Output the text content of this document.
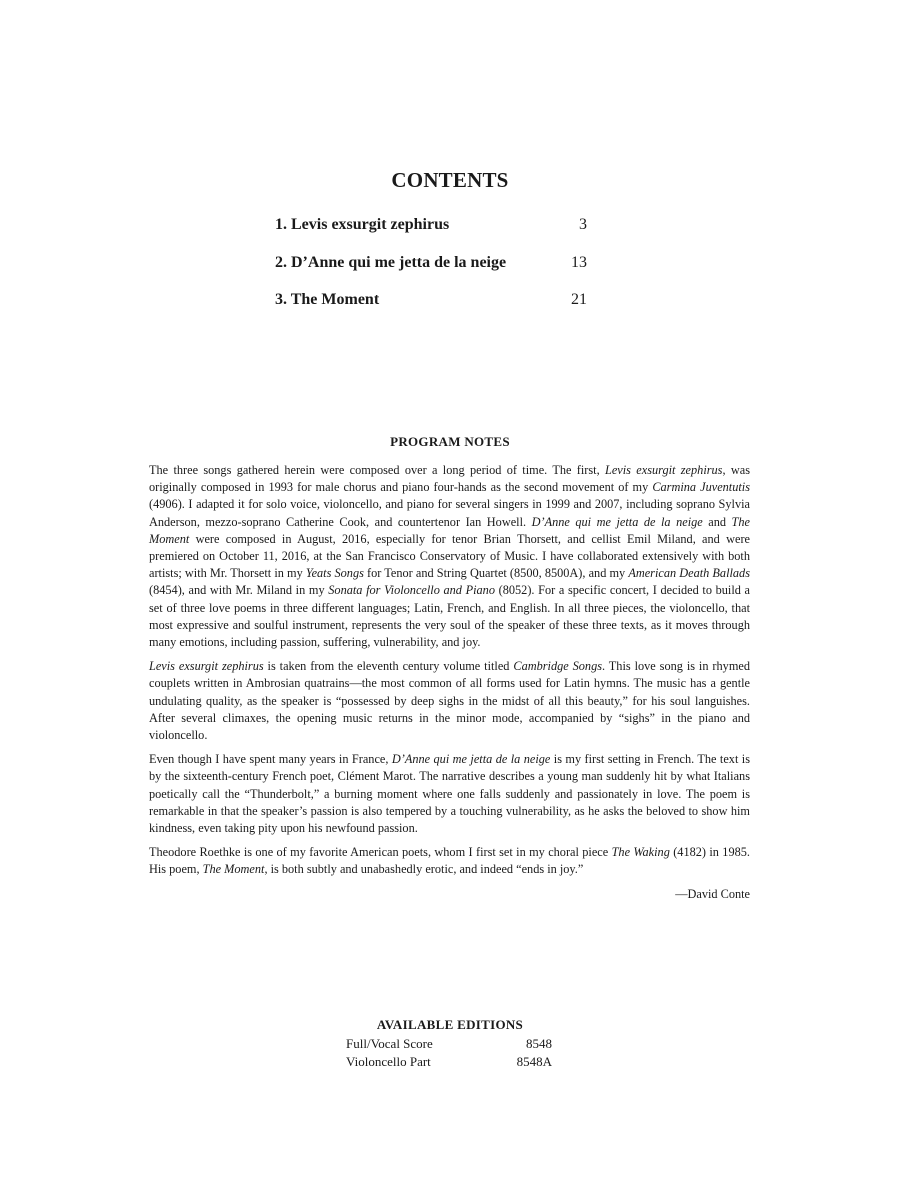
CONTENTS
1. Levis exsurgit zephirus	3
2. D’Anne qui me jetta de la neige	13
3. The Moment	21
PROGRAM NOTES

The three songs gathered herein were composed over a long period of time. The first, Levis exsurgit zephirus, was originally composed in 1993 for male chorus and piano four-hands as the second movement of my Carmina Juventutis (4906). I adapted it for solo voice, violoncello, and piano for several singers in 1999 and 2007, including soprano Sylvia Anderson, mezzo-soprano Catherine Cook, and countertenor Ian Howell. D’Anne qui me jetta de la neige and The Moment were composed in August, 2016, especially for tenor Brian Thorsett, and cellist Emil Miland, and were premiered on October 11, 2016, at the San Francisco Conservatory of Music. I have collaborated extensively with both artists; with Mr. Thorsett in my Yeats Songs for Tenor and String Quartet (8500, 8500A), and my American Death Ballads (8454), and with Mr. Miland in my Sonata for Violoncello and Piano (8052). For a specific concert, I decided to build a set of three love poems in three different languages; Latin, French, and English. In all three pieces, the violoncello, that most expressive and soulful instrument, represents the very soul of the speaker of these three texts, as it moves through many emotions, including passion, suffering, vulnerability, and joy.

Levis exsurgit zephirus is taken from the eleventh century volume titled Cambridge Songs. This love song is in rhymed couplets written in Ambrosian quatrains—the most common of all forms used for Latin hymns. The music has a gentle undulating quality, as the speaker is “possessed by deep sighs in the midst of all this beauty,” for his soul languishes. After several climaxes, the opening music returns in the minor mode, accompanied by “sighs” in the piano and violoncello.

Even though I have spent many years in France, D’Anne qui me jetta de la neige is my first setting in French. The text is by the sixteenth-century French poet, Clément Marot. The narrative describes a young man suddenly hit by what Italians poetically call the “Thunderbolt,” a burning moment where one falls suddenly and passionately in love. The poem is remarkable in that the speaker’s passion is also tempered by a touching vulnerability, as he asks the beloved to show him kindness, even taking pity upon his newfound passion.

Theodore Roethke is one of my favorite American poets, whom I first set in my choral piece The Waking (4182) in 1985. His poem, The Moment, is both subtly and unabashedly erotic, and indeed “ends in joy.”

—David Conte

AVAILABLE EDITIONS
Full/Vocal Score	8548
Violoncello Part	8548A
